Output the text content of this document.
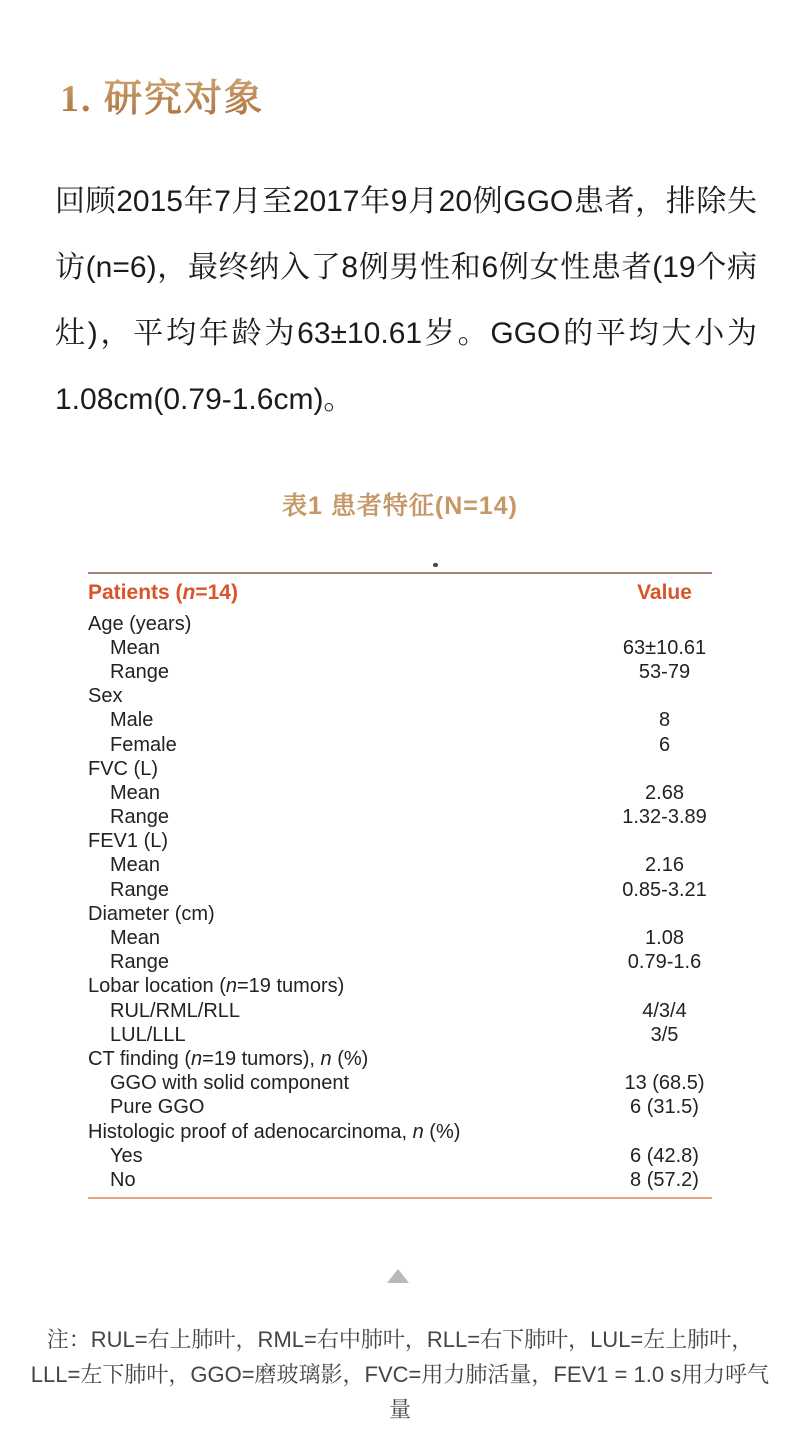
1. 研究对象

回顾2015年7月至2017年9月20例GGO患者，排除失访(n=6)，最终纳入了8例男性和6例女性患者(19个病灶)，平均年龄为63±10.61岁。GGO的平均大小为1.08cm(0.79-1.6cm)。

表1 患者特征(N=14)
Patients (n=14)	Value
Age (years)
Mean	63±10.61
Range	53-79
Sex
Male	8
Female	6
FVC (L)
Mean	2.68
Range	1.32-3.89
FEV1 (L)
Mean	2.16
Range	0.85-3.21
Diameter (cm)
Mean	1.08
Range	0.79-1.6
Lobar location (n=19 tumors)
RUL/RML/RLL	4/3/4
LUL/LLL	3/5
CT finding (n=19 tumors), n (%)
GGO with solid component	13 (68.5)
Pure GGO	6 (31.5)
Histologic proof of adenocarcinoma, n (%)
Yes	6 (42.8)
No	8 (57.2)

注：RUL=右上肺叶，RML=右中肺叶，RLL=右下肺叶，LUL=左上肺叶，LLL=左下肺叶，GGO=磨玻璃影，FVC=用力肺活量，FEV1 = 1.0 s用力呼气量
